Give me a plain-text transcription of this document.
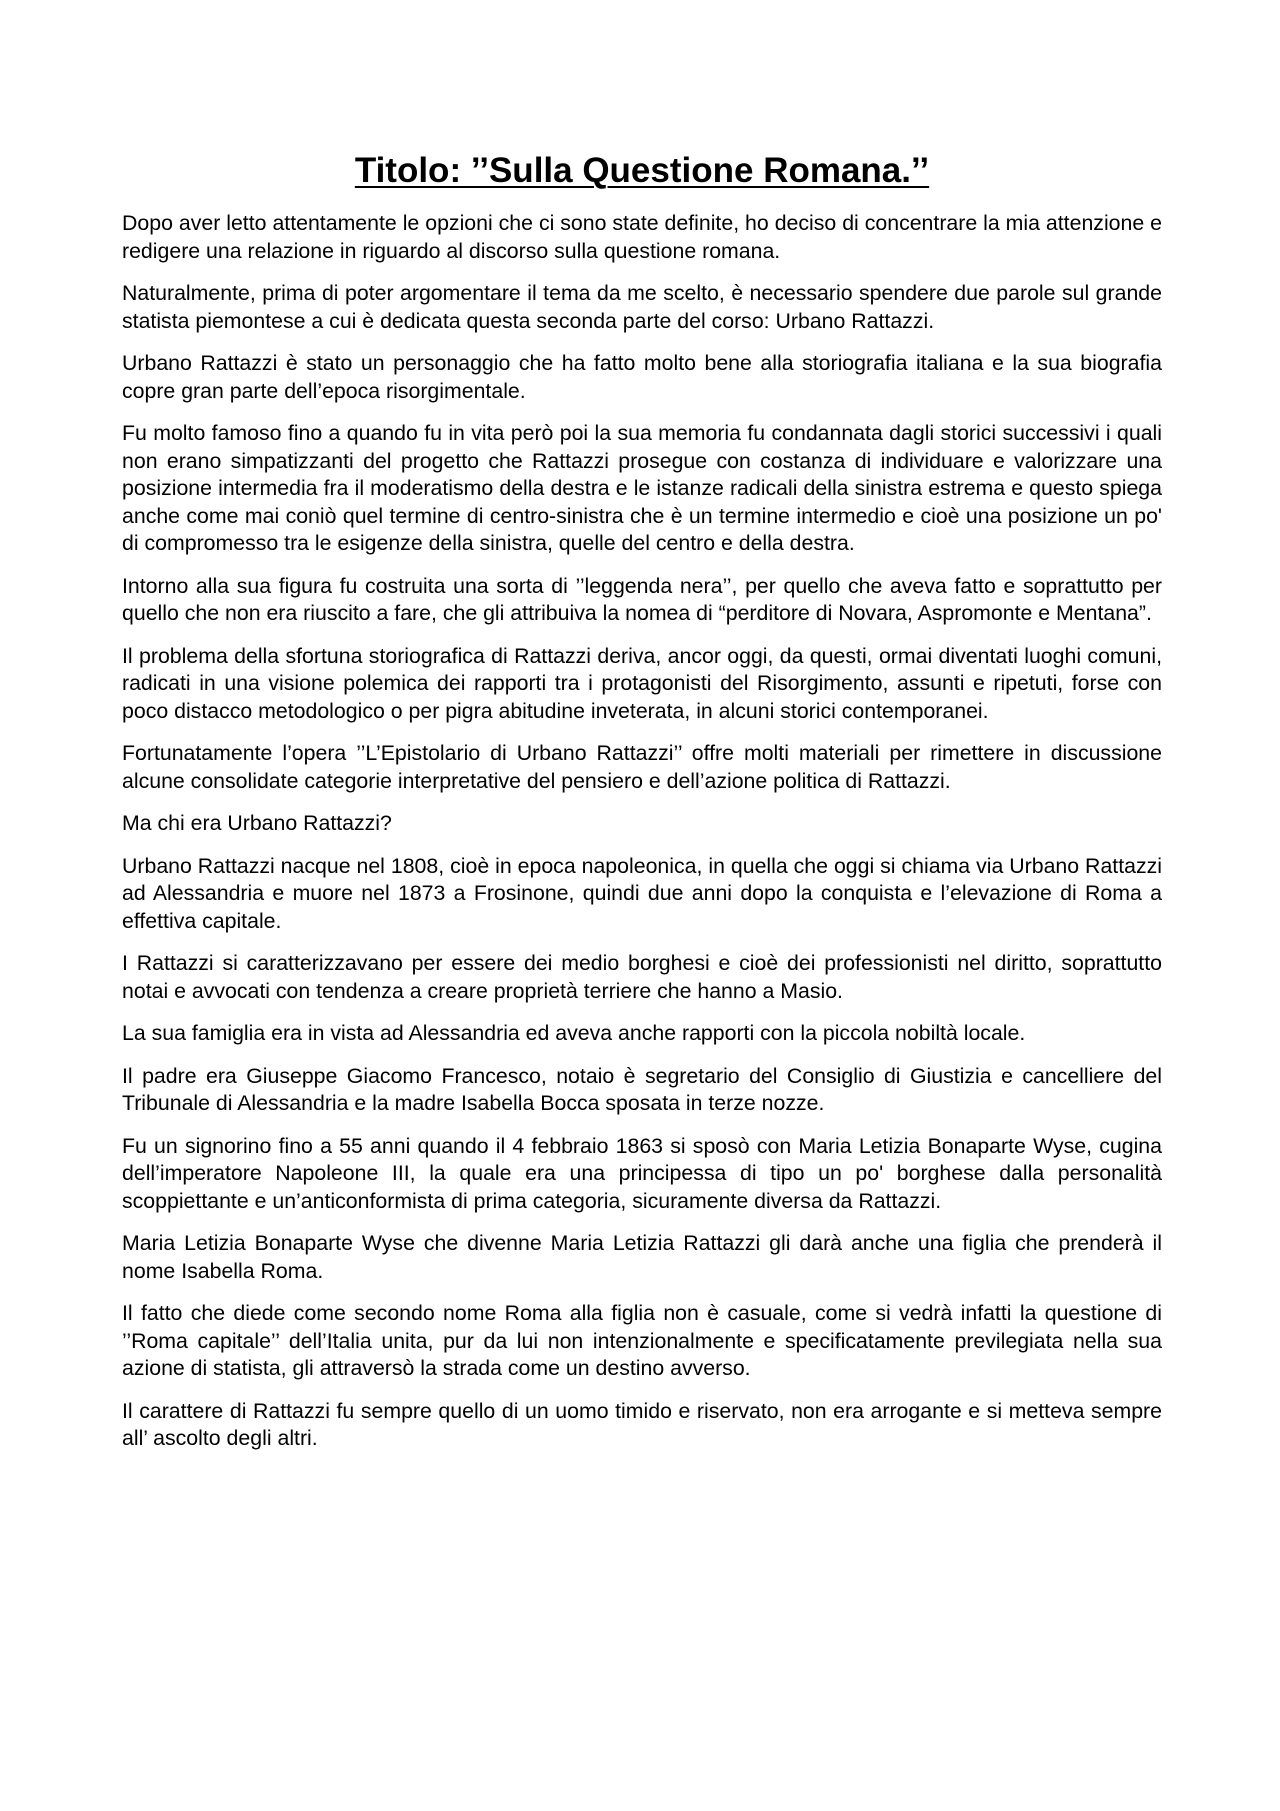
Titolo: ’’Sulla Questione Romana.’’

Dopo aver letto attentamente le opzioni che ci sono state definite, ho deciso di concentrare la mia attenzione e redigere una relazione in riguardo al discorso sulla questione romana.

Naturalmente, prima di poter argomentare il tema da me scelto, è necessario spendere due parole sul grande statista piemontese a cui è dedicata questa seconda parte del corso: Urbano Rattazzi.

Urbano Rattazzi è stato un personaggio che ha fatto molto bene alla storiografia italiana e la sua biografia copre gran parte dell’epoca risorgimentale.

Fu molto famoso fino a quando fu in vita però poi la sua memoria fu condannata dagli storici successivi i quali non erano simpatizzanti del progetto che Rattazzi prosegue con costanza di individuare e valorizzare una posizione intermedia fra il moderatismo della destra e le istanze radicali della sinistra estrema e questo spiega anche come mai coniò quel termine di centro-sinistra che è un termine intermedio e cioè una posizione un po' di compromesso tra le esigenze della sinistra, quelle del centro e della destra.

Intorno alla sua figura fu costruita una sorta di ’’leggenda nera’’, per quello che aveva fatto e soprattutto per quello che non era riuscito a fare, che gli attribuiva la nomea di “perditore di Novara, Aspromonte e Mentana”.

Il problema della sfortuna storiografica di Rattazzi deriva, ancor oggi, da questi, ormai diventati luoghi comuni, radicati in una visione polemica dei rapporti tra i protagonisti del Risorgimento, assunti e ripetuti, forse con poco distacco metodologico o per pigra abitudine inveterata, in alcuni storici contemporanei.

Fortunatamente l’opera ’’L’Epistolario di Urbano Rattazzi’’ offre molti materiali per rimettere in discussione alcune consolidate categorie interpretative del pensiero e dell’azione politica di Rattazzi.

Ma chi era Urbano Rattazzi?

Urbano Rattazzi nacque nel 1808, cioè in epoca napoleonica, in quella che oggi si chiama via Urbano Rattazzi ad Alessandria e muore nel 1873 a Frosinone, quindi due anni dopo la conquista e l’elevazione di Roma a effettiva capitale.

I Rattazzi si caratterizzavano per essere dei medio borghesi e cioè dei professionisti nel diritto, soprattutto notai e avvocati con tendenza a creare proprietà terriere che hanno a Masio.

La sua famiglia era in vista ad Alessandria ed aveva anche rapporti con la piccola nobiltà locale.

Il padre era Giuseppe Giacomo Francesco, notaio è segretario del Consiglio di Giustizia e cancelliere del Tribunale di Alessandria e la madre Isabella Bocca sposata in terze nozze.

Fu un signorino fino a 55 anni quando il 4 febbraio 1863 si sposò con Maria Letizia Bonaparte Wyse, cugina dell’imperatore Napoleone III, la quale era una principessa di tipo un po' borghese dalla personalità scoppiettante e un’anticonformista di prima categoria, sicuramente diversa da Rattazzi.

Maria Letizia Bonaparte Wyse che divenne Maria Letizia Rattazzi gli darà anche una figlia che prenderà il nome Isabella Roma.

Il fatto che diede come secondo nome Roma alla figlia non è casuale, come si vedrà infatti la questione di ’’Roma capitale’’ dell’Italia unita, pur da lui non intenzionalmente e specificatamente previlegiata nella sua azione di statista, gli attraversò la strada come un destino avverso.

Il carattere di Rattazzi fu sempre quello di un uomo timido e riservato, non era arrogante e si metteva sempre all’ ascolto degli altri.
